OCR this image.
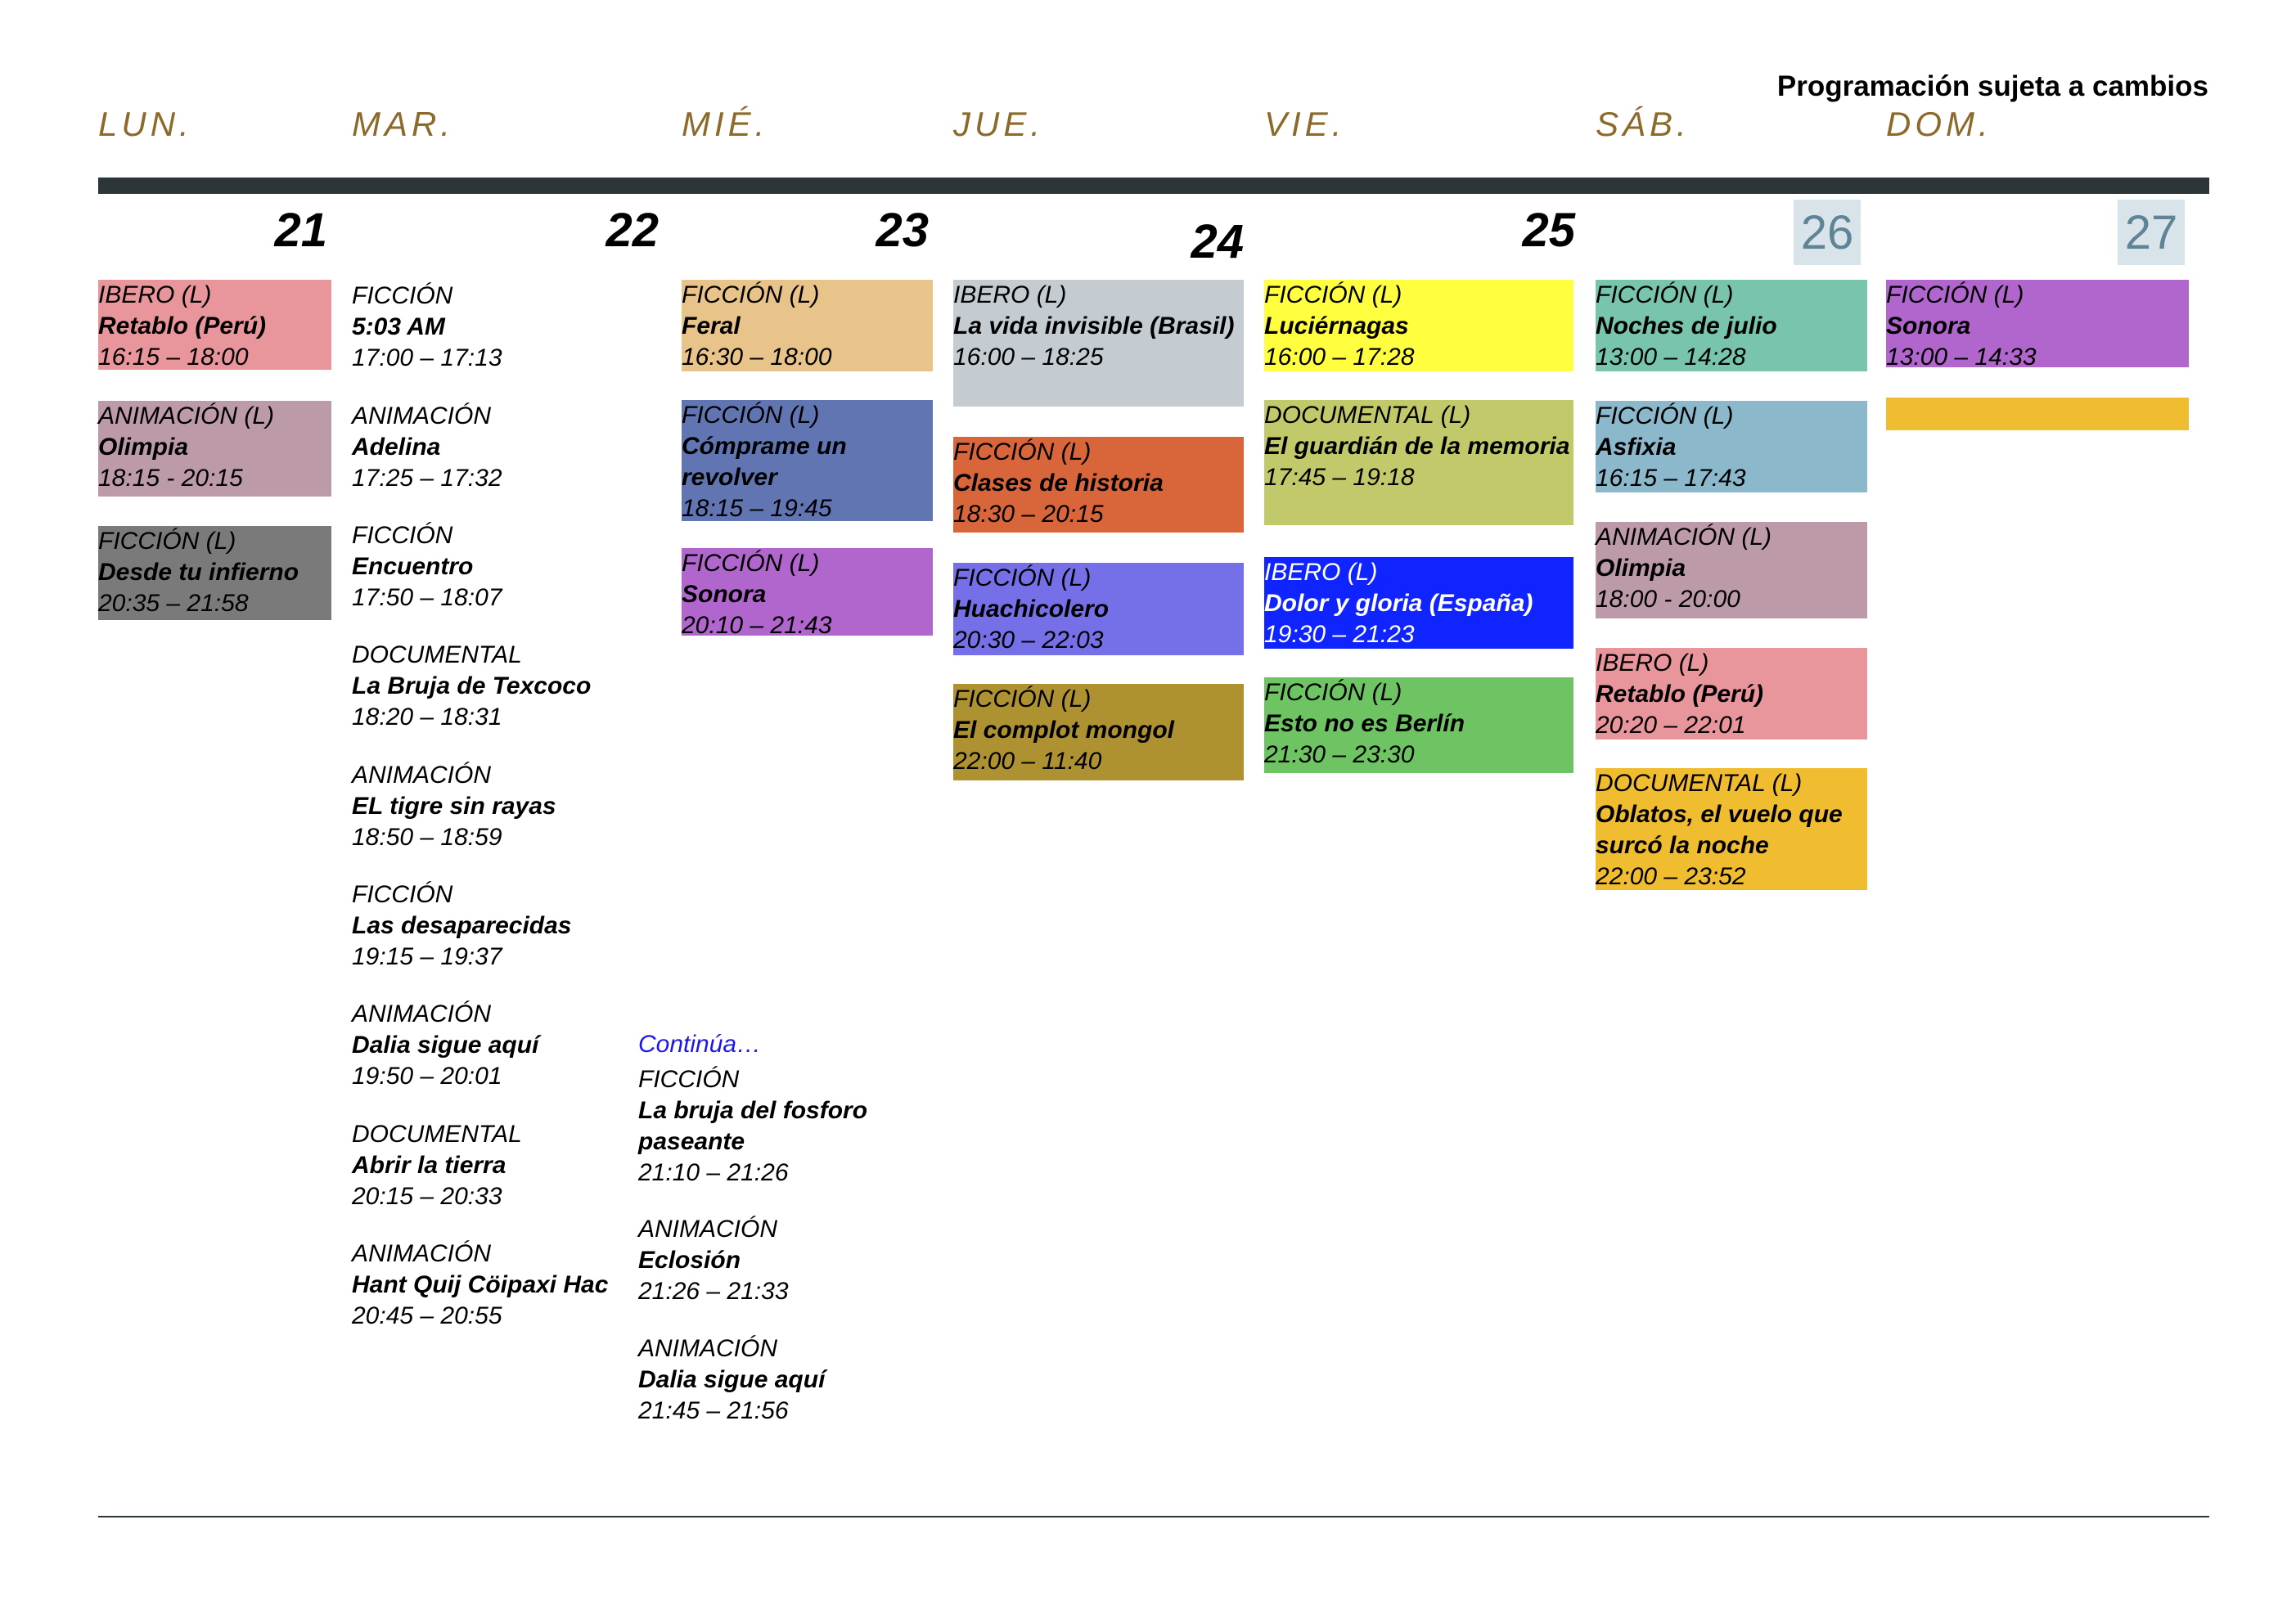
Programación sujeta a cambios
LUN.	MAR.	MIÉ.	JUE.	VIE.	SÁB.	DOM.
21	22	23	24	25	26	27
IBERO (L)
Retablo (Perú)
16:15 – 18:00
ANIMACIÓN (L)
Olimpia
18:15 - 20:15
FICCIÓN (L)
Desde tu infierno
20:35 – 21:58
FICCIÓN
5:03 AM
17:00 – 17:13
ANIMACIÓN
Adelina
17:25 – 17:32
FICCIÓN
Encuentro
17:50 – 18:07
DOCUMENTAL
La Bruja de Texcoco
18:20 – 18:31
ANIMACIÓN
EL tigre sin rayas
18:50 – 18:59
FICCIÓN
Las desaparecidas
19:15 – 19:37
ANIMACIÓN
Dalia sigue aquí
19:50 – 20:01
DOCUMENTAL
Abrir la tierra
20:15 – 20:33
ANIMACIÓN
Hant Quij Cöipaxi Hac
20:45 – 20:55
Continúa…
FICCIÓN
La bruja del fosforo paseante
21:10 – 21:26
ANIMACIÓN
Eclosión
21:26 – 21:33
ANIMACIÓN
Dalia sigue aquí
21:45 – 21:56
FICCIÓN (L)
Feral
16:30 – 18:00
FICCIÓN (L)
Cómprame un revolver
18:15 – 19:45
FICCIÓN (L)
Sonora
20:10 – 21:43
IBERO (L)
La vida invisible (Brasil)
16:00 – 18:25
FICCIÓN (L)
Clases de historia
18:30 – 20:15
FICCIÓN (L)
Huachicolero
20:30 – 22:03
FICCIÓN (L)
El complot mongol
22:00 – 11:40
FICCIÓN (L)
Luciérnagas
16:00 – 17:28
DOCUMENTAL (L)
El guardián de la memoria
17:45 – 19:18
IBERO (L)
Dolor y gloria (España)
19:30 – 21:23
FICCIÓN (L)
Esto no es Berlín
21:30 – 23:30
FICCIÓN (L)
Noches de julio
13:00 – 14:28
FICCIÓN (L)
Asfixia
16:15 – 17:43
ANIMACIÓN (L)
Olimpia
18:00 - 20:00
IBERO (L)
Retablo (Perú)
20:20 – 22:01
DOCUMENTAL (L)
Oblatos, el vuelo que surcó la noche
22:00 – 23:52
FICCIÓN (L)
Sonora
13:00 – 14:33
